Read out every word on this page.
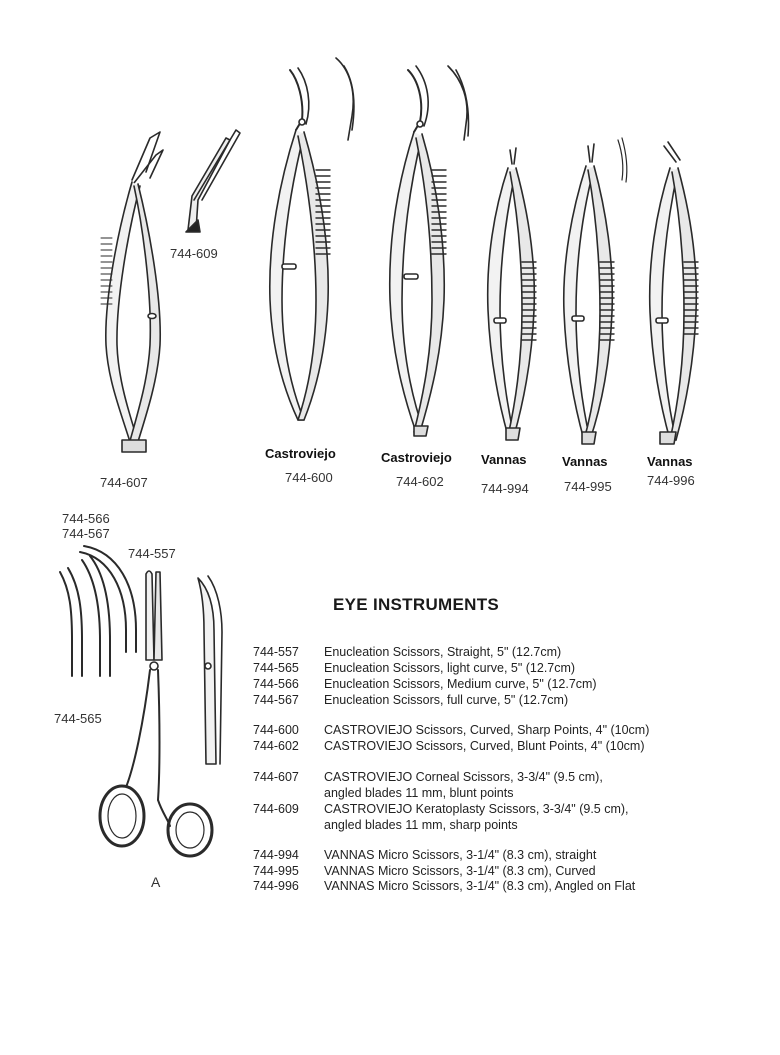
744-607
744-609
Castroviejo
744-600
Castroviejo
744-602
Vannas
744-994
Vannas
744-995
Vannas
744-996
744-566
744-567
744-557
744-565
A
EYE INSTRUMENTS
744-557	Enucleation Scissors, Straight, 5" (12.7cm)
744-565	Enucleation Scissors, light curve, 5" (12.7cm)
744-566	Enucleation Scissors, Medium curve, 5" (12.7cm)
744-567	Enucleation Scissors, full curve, 5" (12.7cm)
744-600	CASTROVIEJO Scissors, Curved, Sharp Points, 4" (10cm)
744-602	CASTROVIEJO Scissors, Curved, Blunt Points, 4" (10cm)
744-607	CASTROVIEJO Corneal Scissors, 3-3/4" (9.5 cm),
angled blades 11 mm, blunt points
744-609	CASTROVIEJO Keratoplasty Scissors, 3-3/4" (9.5 cm),
angled blades 11 mm, sharp points
744-994	VANNAS Micro Scissors, 3-1/4" (8.3 cm), straight
744-995	VANNAS Micro Scissors, 3-1/4" (8.3 cm), Curved
744-996	VANNAS Micro Scissors, 3-1/4" (8.3 cm), Angled on Flat
